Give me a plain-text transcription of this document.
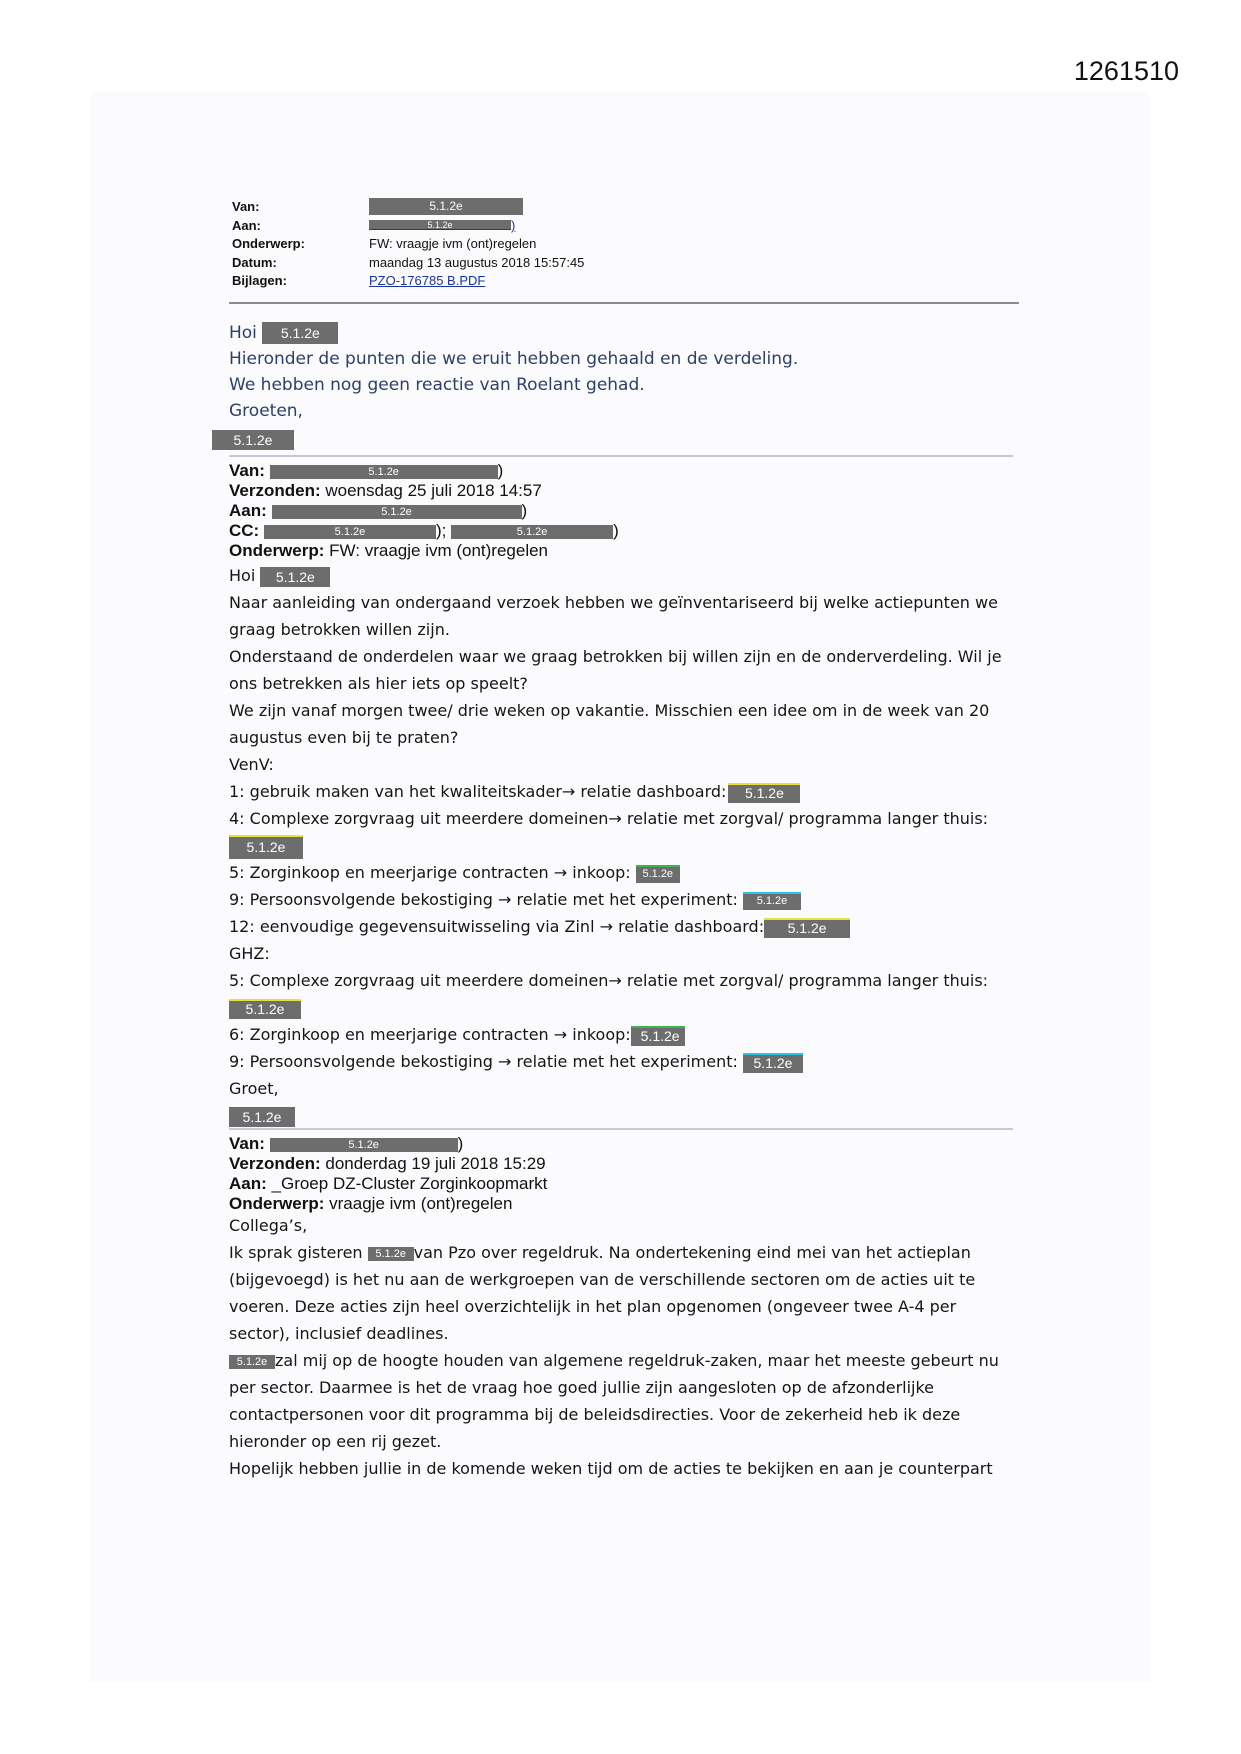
1261510
Van:	5.1.2e
Aan:	5.1.2e	)
Onderwerp:	FW: vraagje ivm (ont)regelen
Datum:	maandag 13 augustus 2018 15:57:45
Bijlagen:	PZO-176785 B.PDF
Hoi 5.1.2e
Hieronder de punten die we eruit hebben gehaald en de verdeling.
We hebben nog geen reactie van Roelant gehad.
Groeten,
5.1.2e
Van:	5.1.2e	)
Verzonden: woensdag 25 juli 2018 14:57
Aan:	5.1.2e	)
CC:	5.1.2e	);	5.1.2e	)
Onderwerp: FW: vraagje ivm (ont)regelen

Hoi 5.1.2e

Naar aanleiding van ondergaand verzoek hebben we geïnventariseerd bij welke actiepunten we graag betrokken willen zijn.

Onderstaand de onderdelen waar we graag betrokken bij willen zijn en de onderverdeling. Wil je ons betrekken als hier iets op speelt?

We zijn vanaf morgen twee/ drie weken op vakantie. Misschien een idee om in de week van 20 augustus even bij te praten?

VenV:

1: gebruik maken van het kwaliteitskader→ relatie dashboard: 5.1.2e

4: Complexe zorgvraag uit meerdere domeinen→ relatie met zorgval/ programma langer thuis:

5.1.2e

5: Zorginkoop en meerjarige contracten → inkoop: 5.1.2e

9: Persoonsvolgende bekostiging → relatie met het experiment: 5.1.2e

12: eenvoudige gegevensuitwisseling via Zinl → relatie dashboard: 5.1.2e

GHZ:

5: Complexe zorgvraag uit meerdere domeinen→ relatie met zorgval/ programma langer thuis:

5.1.2e

6: Zorginkoop en meerjarige contracten → inkoop: 5.1.2e

9: Persoonsvolgende bekostiging → relatie met het experiment: 5.1.2e

Groet,

5.1.2e

Van:	5.1.2e	)
Verzonden: donderdag 19 juli 2018 15:29
Aan: _Groep DZ-Cluster Zorginkoopmarkt
Onderwerp: vraagje ivm (ont)regelen

Collega’s,

Ik sprak gisteren 5.1.2e van Pzo over regeldruk. Na ondertekening eind mei van het actieplan (bijgevoegd) is het nu aan de werkgroepen van de verschillende sectoren om de acties uit te voeren. Deze acties zijn heel overzichtelijk in het plan opgenomen (ongeveer twee A-4 per sector), inclusief deadlines.

5.1.2e zal mij op de hoogte houden van algemene regeldruk-zaken, maar het meeste gebeurt nu per sector. Daarmee is het de vraag hoe goed jullie zijn aangesloten op de afzonderlijke contactpersonen voor dit programma bij de beleidsdirecties. Voor de zekerheid heb ik deze hieronder op een rij gezet.

Hopelijk hebben jullie in de komende weken tijd om de acties te bekijken en aan je counterpart
